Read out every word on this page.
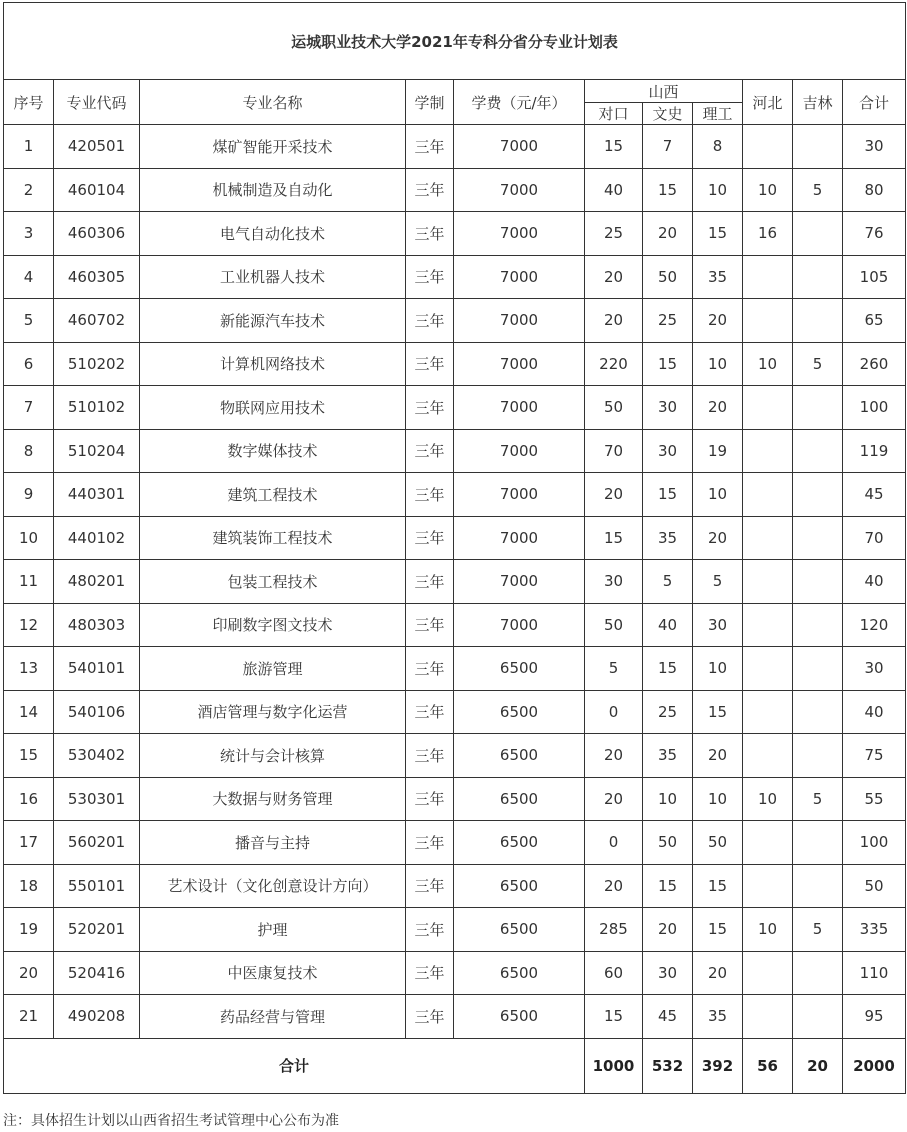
运城职业技术大学2021年专科分省分专业计划表										
序号	专业代码	专业名称	学制	学费（元/年）	山西			河北	吉林	合计
					对口	文史	理工			
1	420501	煤矿智能开采技术	三年	7000	15	7	8			30
2	460104	机械制造及自动化	三年	7000	40	15	10	10	5	80
3	460306	电气自动化技术	三年	7000	25	20	15	16		76
4	460305	工业机器人技术	三年	7000	20	50	35			105
5	460702	新能源汽车技术	三年	7000	20	25	20			65
6	510202	计算机网络技术	三年	7000	220	15	10	10	5	260
7	510102	物联网应用技术	三年	7000	50	30	20			100
8	510204	数字媒体技术	三年	7000	70	30	19			119
9	440301	建筑工程技术	三年	7000	20	15	10			45
10	440102	建筑装饰工程技术	三年	7000	15	35	20			70
11	480201	包装工程技术	三年	7000	30	5	5			40
12	480303	印刷数字图文技术	三年	7000	50	40	30			120
13	540101	旅游管理	三年	6500	5	15	10			30
14	540106	酒店管理与数字化运营	三年	6500	0	25	15			40
15	530402	统计与会计核算	三年	6500	20	35	20			75
16	530301	大数据与财务管理	三年	6500	20	10	10	10	5	55
17	560201	播音与主持	三年	6500	0	50	50			100
18	550101	艺术设计（文化创意设计方向）	三年	6500	20	15	15			50
19	520201	护理	三年	6500	285	20	15	10	5	335
20	520416	中医康复技术	三年	6500	60	30	20			110
21	490208	药品经营与管理	三年	6500	15	45	35			95
合计					1000	532	392	56	20	2000
注：具体招生计划以山西省招生考试管理中心公布为准
